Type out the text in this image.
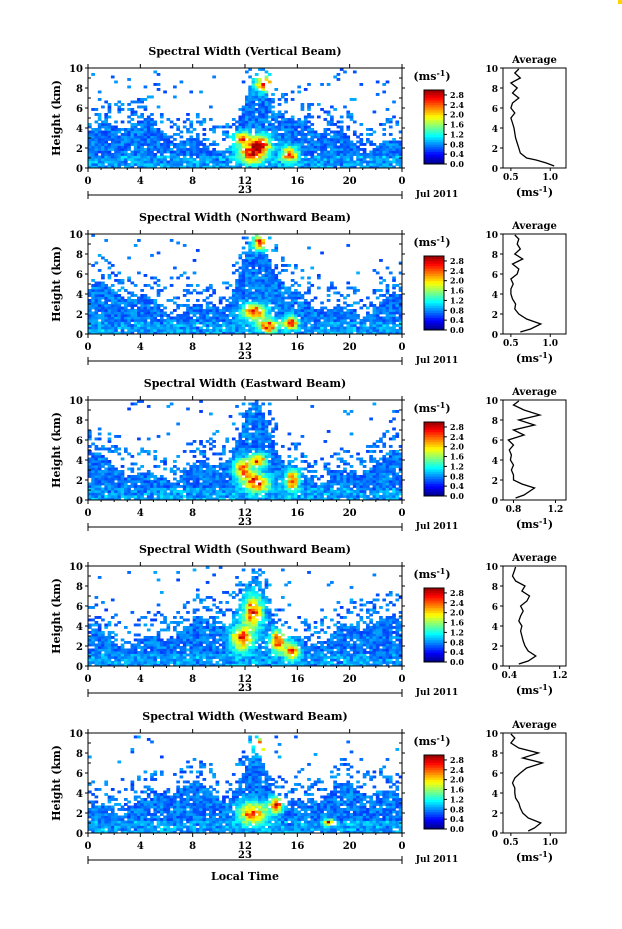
Spectral Width (Vertical Beam)
0
2
4
6
8
10
Height (km)
0	4	8	12	16	20	0
23	Jul 2011
$(ms^{-1})$
2.8
2.4
2.0
1.6
1.2
0.8
0.4
0.0
Average
0
2
4
6
8
10
0.5	1.0
$(ms^{-1})$
Spectral Width (Northward Beam)
0
2
4
6
8
10
Height (km)
0	4	8	12	16	20	0
23	Jul 2011
$(ms^{-1})$
2.8
2.4
2.0
1.6
1.2
0.8
0.4
0.0
Average
0
2
4
6
8
10
0.5	1.0
$(ms^{-1})$
Spectral Width (Eastward Beam)
0
2
4
6
8
10
Height (km)
0	4	8	12	16	20	0
23	Jul 2011
$(ms^{-1})$
2.8
2.4
2.0
1.6
1.2
0.8
0.4
0.0
Average
0
2
4
6
8
10
0.8	1.2
$(ms^{-1})$
Spectral Width (Southward Beam)
0
2
4
6
8
10
Height (km)
0	4	8	12	16	20	0
23	Jul 2011
$(ms^{-1})$
2.8
2.4
2.0
1.6
1.2
0.8
0.4
0.0
Average
0
2
4
6
8
10
0.4	1.2
$(ms^{-1})$
Spectral Width (Westward Beam)
0
2
4
6
8
10
Height (km)
0	4	8	12	16	20	0
23	Jul 2011
Local Time
$(ms^{-1})$
2.8
2.4
2.0
1.6
1.2
0.8
0.4
0.0
Average
0
2
4
6
8
10
0.5	1.0
$(ms^{-1})$
